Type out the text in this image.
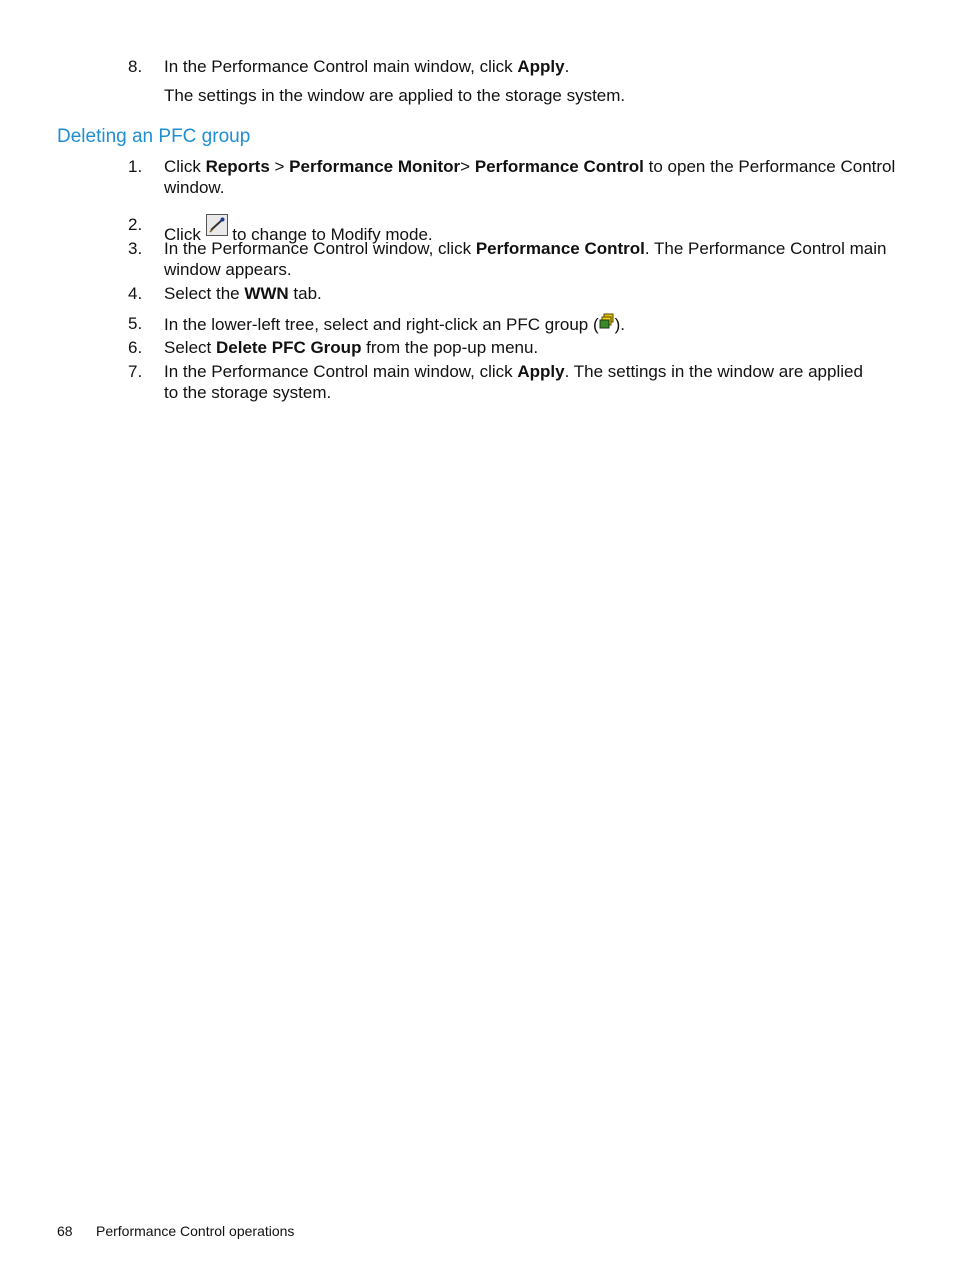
8. In the Performance Control main window, click Apply.
The settings in the window are applied to the storage system.
Deleting an PFC group
1. Click Reports > Performance Monitor> Performance Control to open the Performance Control
window.
2.
Click
to change to Modify mode.
3. In the Performance Control window, click Performance Control. The Performance Control main
window appears.
4. Select the WWN tab.
5. In the lower-left tree, select and right-click an PFC group ( ).
6. Select Delete PFC Group from the pop-up menu.
7. In the Performance Control main window, click Apply. The settings in the window are applied
to the storage system.
68 Performance Control operations
